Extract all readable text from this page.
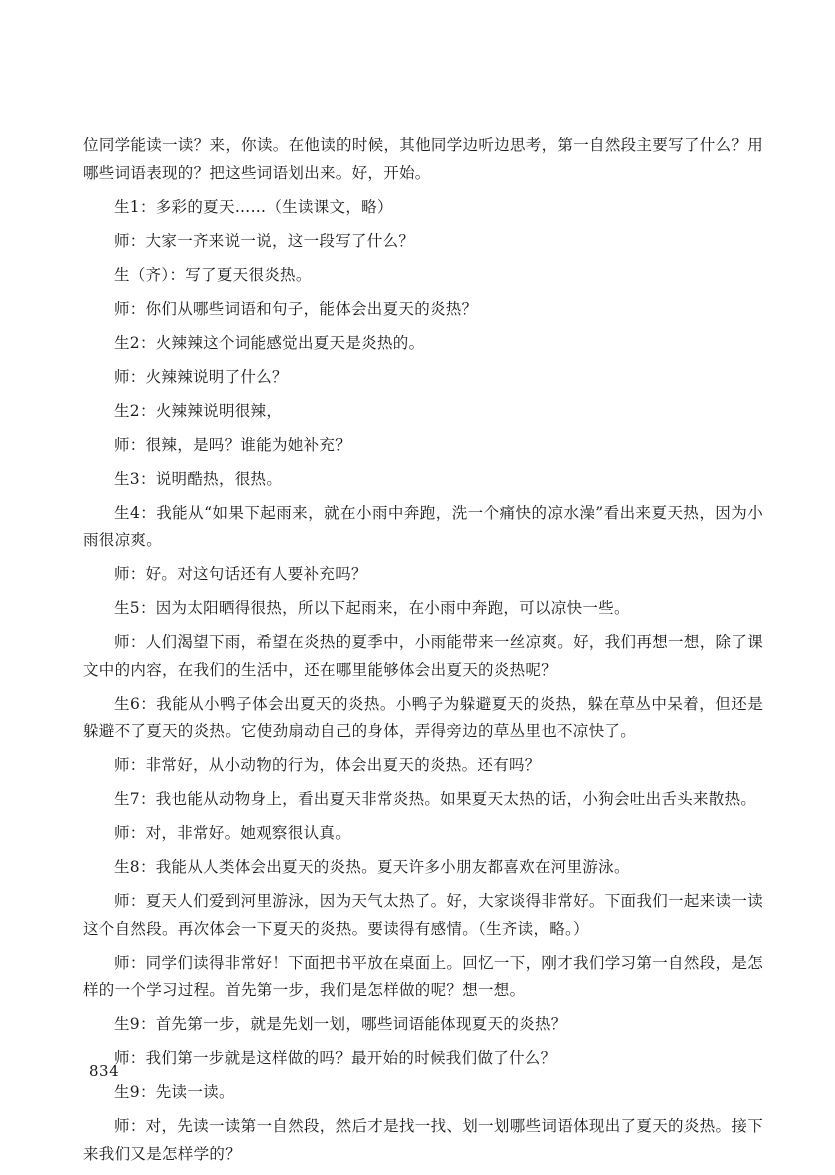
位同学能读一读？来，你读。在他读的时候，其他同学边听边思考，第一自然段主要写了什么？用哪些词语表现的？把这些词语划出来。好，开始。

生1：多彩的夏天……（生读课文，略）

师：大家一齐来说一说，这一段写了什么？

生（齐）：写了夏天很炎热。

师：你们从哪些词语和句子，能体会出夏天的炎热？

生2：火辣辣这个词能感觉出夏天是炎热的。

师：火辣辣说明了什么？

生2：火辣辣说明很辣，

师：很辣，是吗？谁能为她补充？

生3：说明酷热，很热。

生4：我能从“如果下起雨来，就在小雨中奔跑，洗一个痛快的凉水澡”看出来夏天热，因为小雨很凉爽。

师：好。对这句话还有人要补充吗？

生5：因为太阳晒得很热，所以下起雨来，在小雨中奔跑，可以凉快一些。

师：人们渴望下雨，希望在炎热的夏季中，小雨能带来一丝凉爽。好，我们再想一想，除了课文中的内容，在我们的生活中，还在哪里能够体会出夏天的炎热呢？

生6：我能从小鸭子体会出夏天的炎热。小鸭子为躲避夏天的炎热，躲在草丛中呆着，但还是躲避不了夏天的炎热。它使劲扇动自己的身体，弄得旁边的草丛里也不凉快了。

师：非常好，从小动物的行为，体会出夏天的炎热。还有吗？

生7：我也能从动物身上，看出夏天非常炎热。如果夏天太热的话，小狗会吐出舌头来散热。

师：对，非常好。她观察很认真。

生8：我能从人类体会出夏天的炎热。夏天许多小朋友都喜欢在河里游泳。

师：夏天人们爱到河里游泳，因为天气太热了。好，大家谈得非常好。下面我们一起来读一读这个自然段。再次体会一下夏天的炎热。要读得有感情。（生齐读，略。）

师：同学们读得非常好！下面把书平放在桌面上。回忆一下，刚才我们学习第一自然段，是怎样的一个学习过程。首先第一步，我们是怎样做的呢？想一想。

生9：首先第一步，就是先划一划，哪些词语能体现夏天的炎热？

师：我们第一步就是这样做的吗？最开始的时候我们做了什么？

生9：先读一读。

师：对，先读一读第一自然段，然后才是找一找、划一划哪些词语体现出了夏天的炎热。接下来我们又是怎样学的？

834
